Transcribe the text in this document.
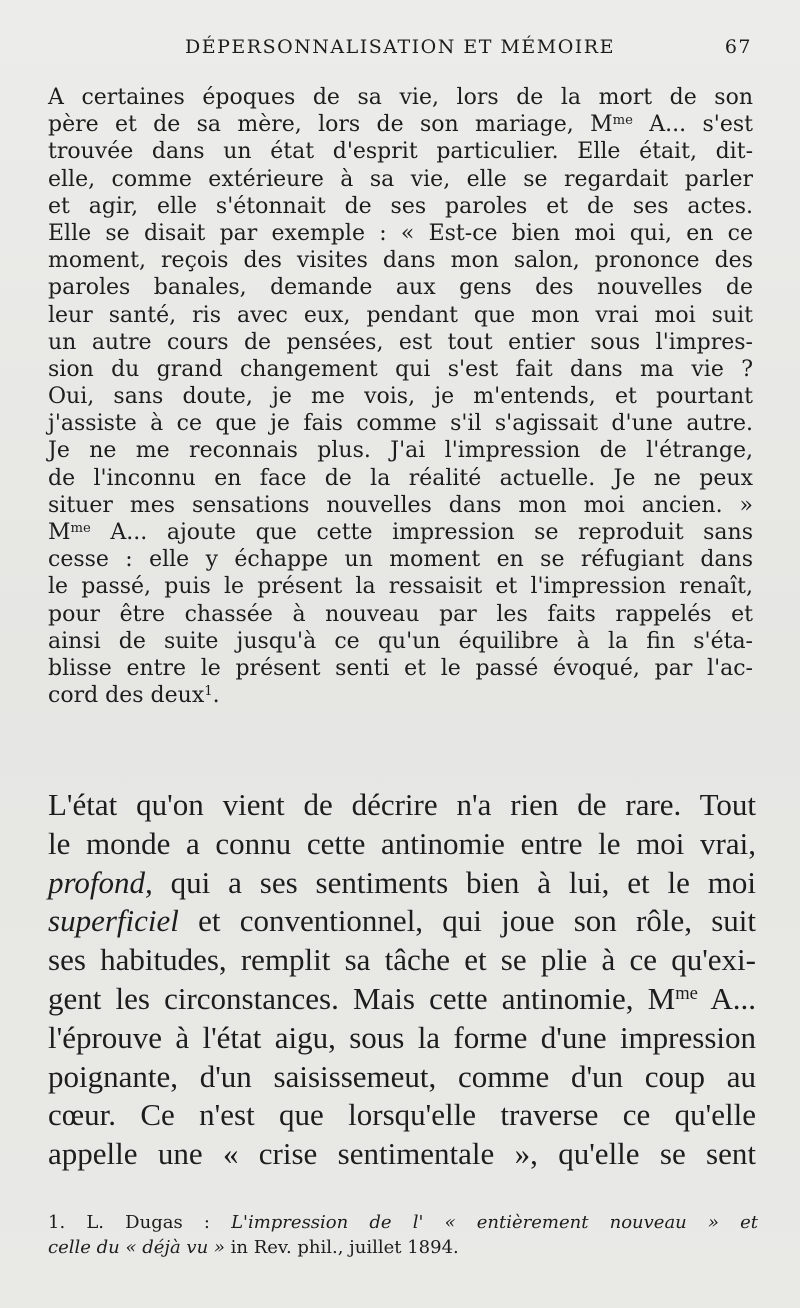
DÉPERSONNALISATION ET MÉMOIRE	67
A certaines époques de sa vie, lors de la mort de son
père et de sa mère, lors de son mariage, $M^{me}$ A... s'est
trouvée dans un état d'esprit particulier. Elle était, dit-
elle, comme extérieure à sa vie, elle se regardait parler
et agir, elle s'étonnait de ses paroles et de ses actes.
Elle se disait par exemple : « Est-ce bien moi qui, en ce
moment, reçois des visites dans mon salon, prononce des
paroles banales, demande aux gens des nouvelles de
leur santé, ris avec eux, pendant que mon vrai moi suit
un autre cours de pensées, est tout entier sous l'impres-
sion du grand changement qui s'est fait dans ma vie ?
Oui, sans doute, je me vois, je m'entends, et pourtant
j'assiste à ce que je fais comme s'il s'agissait d'une autre.
Je ne me reconnais plus. J'ai l'impression de l'étrange,
de l'inconnu en face de la réalité actuelle. Je ne peux
situer mes sensations nouvelles dans mon moi ancien. »
$M^{me}$ A... ajoute que cette impression se reproduit sans
cesse : elle y échappe un moment en se réfugiant dans
le passé, puis le présent la ressaisit et l'impression renaît,
pour être chassée à nouveau par les faits rappelés et
ainsi de suite jusqu'à ce qu'un équilibre à la fin s'éta-
blisse entre le présent senti et le passé évoqué, par l'ac-
cord des deux$^1$.
L'état qu'on vient de décrire n'a rien de rare. Tout
le monde a connu cette antinomie entre le moi vrai,
profond, qui a ses sentiments bien à lui, et le moi
superficiel et conventionnel, qui joue son rôle, suit
ses habitudes, remplit sa tâche et se plie à ce qu'exi-
gent les circonstances. Mais cette antinomie, $M^{me}$ A...
l'éprouve à l'état aigu, sous la forme d'une impression
poignante, d'un saisissemeut, comme d'un coup au
cœur. Ce n'est que lorsqu'elle traverse ce qu'elle
appelle une « crise sentimentale », qu'elle se sent
1. L. Dugas : L'impression de l' « entièrement nouveau » et
celle du « déjà vu » in Rev. phil., juillet 1894.
